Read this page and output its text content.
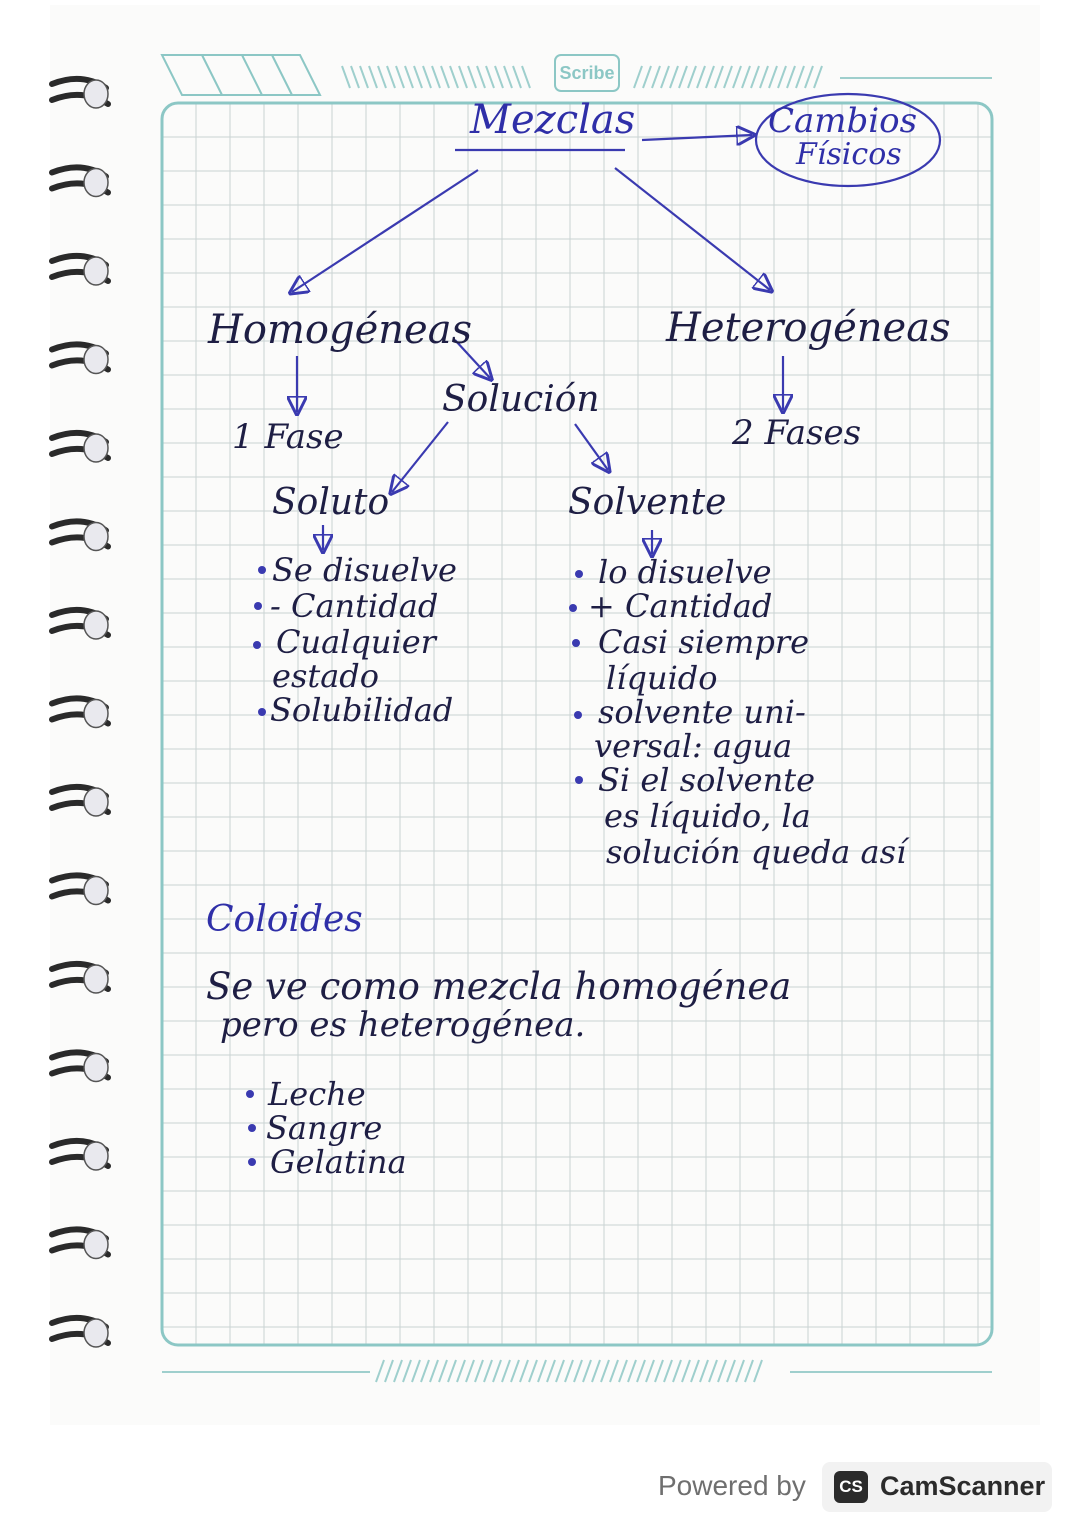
Scribe
Mezclas	Cambios
Físicos
Homogéneas	Heterogéneas
1 Fase
Solución
2 Fases
Soluto	Solvente
Se disuelve
- Cantidad
Cualquier
estado
Solubilidad
lo disuelve
+ Cantidad
Casi siempre
líquido
solvente uni-
versal: agua
Si el solvente
es líquido, la
solución queda así
Coloides
Se ve como mezcla homogénea
pero es heterogénea.
Leche
Sangre
Gelatina
Powered by	CS CamScanner
